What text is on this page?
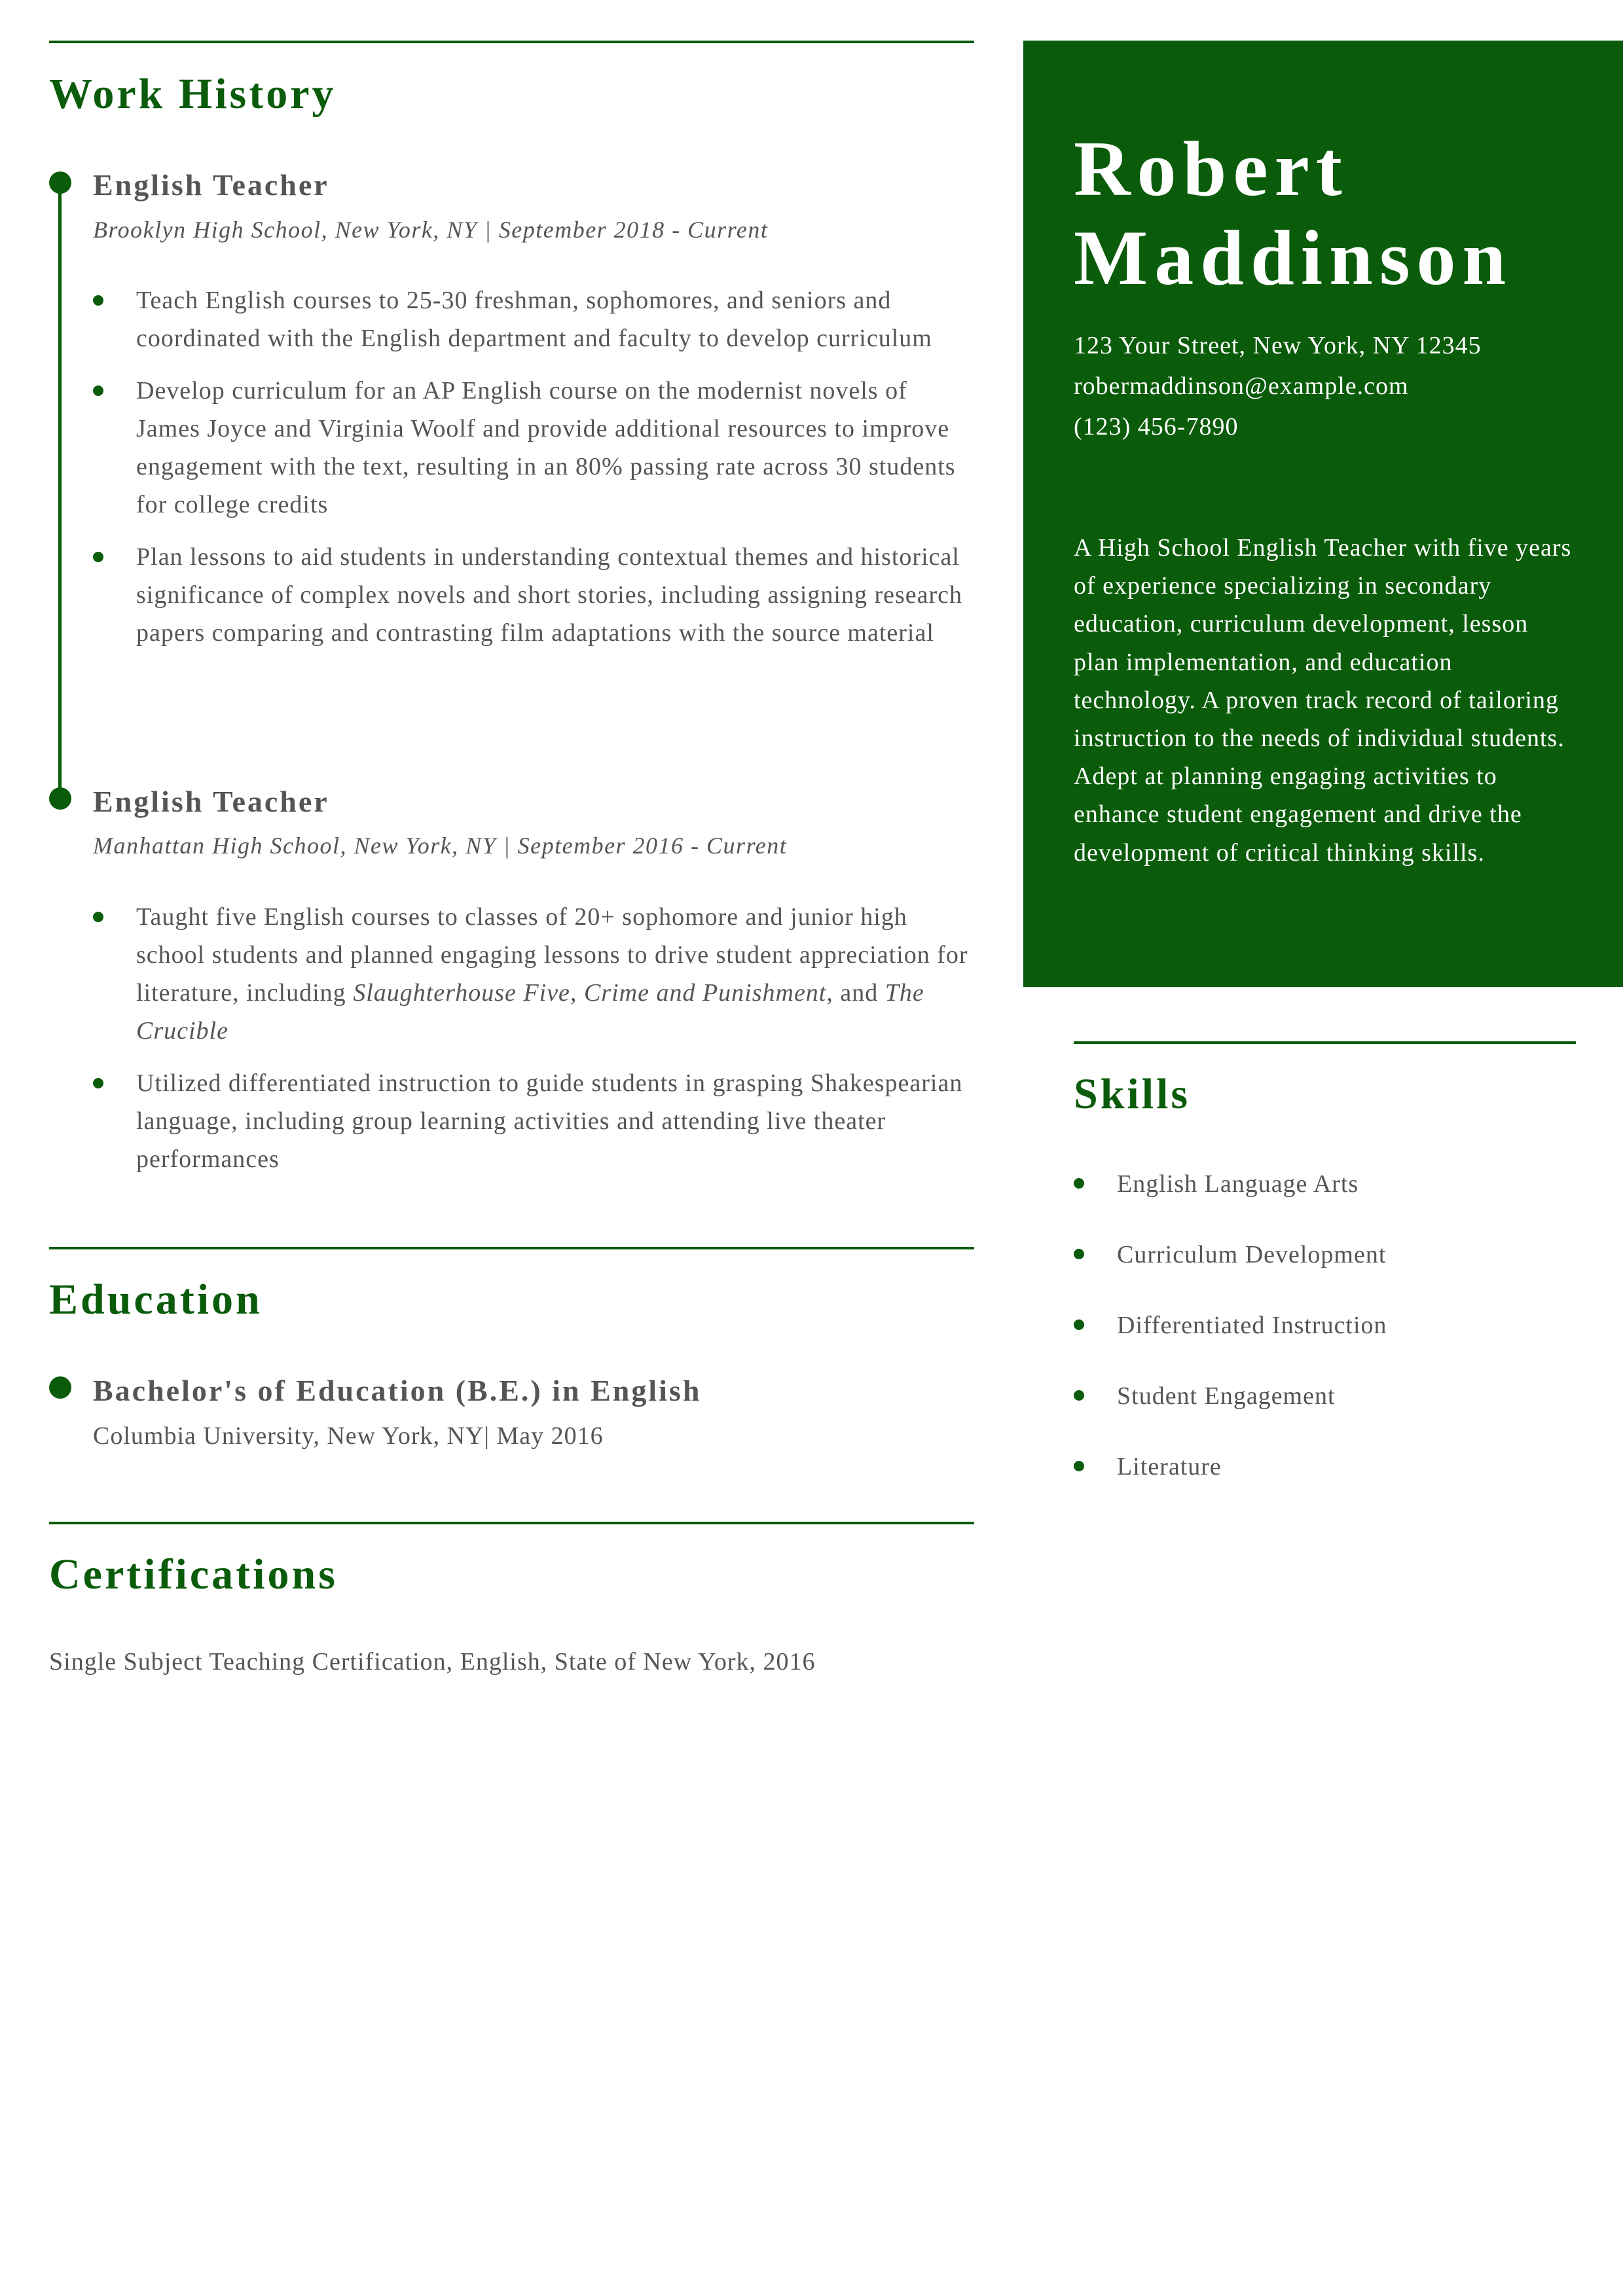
Work History
English Teacher
Brooklyn High School, New York, NY | September 2018 - Current
Teach English courses to 25-30 freshman, sophomores, and seniors and coordinated with the English department and faculty to develop curriculum
Develop curriculum for an AP English course on the modernist novels of James Joyce and Virginia Woolf and provide additional resources to improve engagement with the text, resulting in an 80% passing rate across 30 students for college credits
Plan lessons to aid students in understanding contextual themes and historical significance of complex novels and short stories, including assigning research papers comparing and contrasting film adaptations with the source material
English Teacher
Manhattan High School, New York, NY | September 2016 - Current
Taught five English courses to classes of 20+ sophomore and junior high school students and planned engaging lessons to drive student appreciation for literature, including Slaughterhouse Five, Crime and Punishment, and The Crucible
Utilized differentiated instruction to guide students in grasping Shakespearian language, including group learning activities and attending live theater performances
Education
Bachelor's of Education (B.E.) in English
Columbia University, New York, NY| May 2016
Certifications
Single Subject Teaching Certification, English, State of New York, 2016
Robert
Maddinson
123 Your Street, New York, NY 12345
robermaddinson@example.com
(123) 456-7890
A High School English Teacher with five years of experience specializing in secondary education, curriculum development, lesson plan implementation, and education technology. A proven track record of tailoring instruction to the needs of individual students. Adept at planning engaging activities to enhance student engagement and drive the development of critical thinking skills.
Skills
English Language Arts
Curriculum Development
Differentiated Instruction
Student Engagement
Literature
